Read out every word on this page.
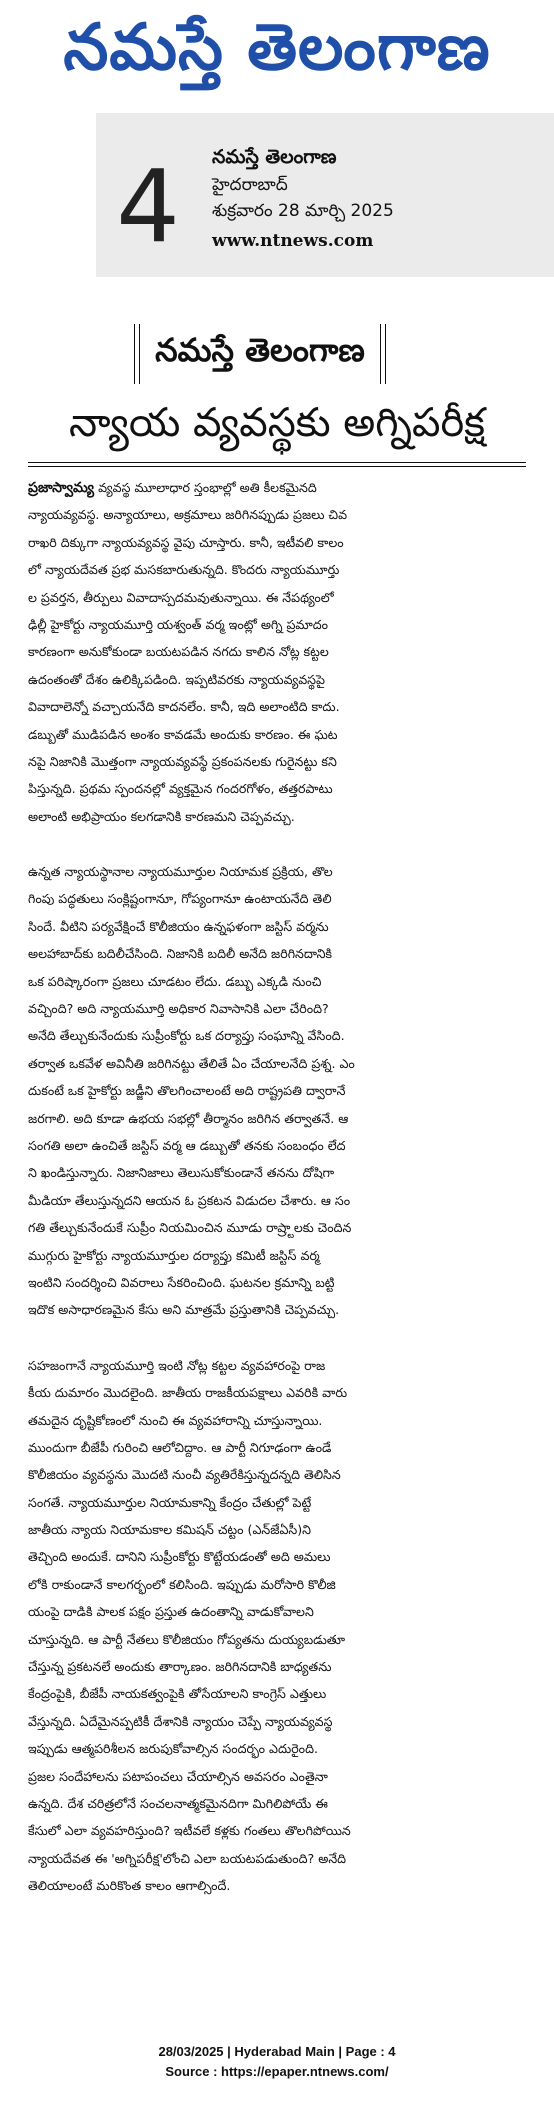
నమస్తే తెలంగాణ
4	నమస్తే తెలంగాణ
హైదరాబాద్
శుక్రవారం 28 మార్చి 2025
www.ntnews.com
నమస్తే తెలంగాణ
న్యాయ వ్యవస్థకు అగ్నిపరీక్ష

ప్రజాస్వామ్య వ్యవస్థ మూలాధార స్తంభాల్లో అతి కీలకమైనది

న్యాయవ్యవస్థ. అన్యాయాలు, అక్రమాలు జరిగినప్పుడు ప్రజలు చివ

రాఖరి దిక్కుగా న్యాయవ్యవస్థ వైపు చూస్తారు. కానీ, ఇటీవలి కాలం

లో న్యాయదేవత ప్రభ మసకబారుతున్నది. కొందరు న్యాయమూర్తు

ల ప్రవర్తన, తీర్పులు వివాదాస్పదమవుతున్నాయి. ఈ నేపథ్యంలో

ఢిల్లీ హైకోర్టు న్యాయమూర్తి యశ్వంత్ వర్మ ఇంట్లో అగ్ని ప్రమాదం

కారణంగా అనుకోకుండా బయటపడిన నగదు కాలిన నోట్ల కట్టల

ఉదంతంతో దేశం ఉలిక్కిపడింది. ఇప్పటివరకు న్యాయవ్యవస్థపై

వివాదాలెన్నో వచ్చాయనేది కాదనలేం. కానీ, ఇది అలాంటిది కాదు.

డబ్బుతో ముడిపడిన అంశం కావడమే అందుకు కారణం. ఈ ఘట

నపై నిజానికి మొత్తంగా న్యాయవ్యవస్థే ప్రకంపనలకు గురైనట్టు కని

పిస్తున్నది. ప్రథమ స్పందనల్లో వ్యక్తమైన గందరగోళం, తత్తరపాటు

అలాంటి అభిప్రాయం కలగడానికి కారణమని చెప్పవచ్చు.

ఉన్నత న్యాయస్థానాల న్యాయమూర్తుల నియామక ప్రక్రియ, తొల

గింపు పద్ధతులు సంక్లిష్టంగానూ, గోప్యంగానూ ఉంటాయనేది తెలి

సిందే. వీటిని పర్యవేక్షించే కొలీజియం ఉన్నఫళంగా జస్టిస్ వర్మను

అలహాబాద్‌కు బదిలీచేసింది. నిజానికి బదిలీ అనేది జరిగినదానికి

ఒక పరిష్కారంగా ప్రజలు చూడటం లేదు. డబ్బు ఎక్కడి నుంచి

వచ్చింది? అది న్యాయమూర్తి అధికార నివాసానికి ఎలా చేరింది?

అనేది తేల్చుకునేందుకు సుప్రీంకోర్టు ఒక దర్యాప్తు సంఘాన్ని వేసింది.

తర్వాత ఒకవేళ అవినీతి జరిగినట్టు తేలితే ఏం చేయాలనేది ప్రశ్న. ఎం

దుకంటే ఒక హైకోర్టు జడ్జీని తొలగించాలంటే అది రాష్ట్రపతి ద్వారానే

జరగాలి. అది కూడా ఉభయ సభల్లో తీర్మానం జరిగిన తర్వాతనే. ఆ

సంగతి అలా ఉంచితే జస్టిస్ వర్మ ఆ డబ్బుతో తనకు సంబంధం లేద

ని ఖండిస్తున్నారు. నిజానిజాలు తెలుసుకోకుండానే తనను దోషిగా

మీడియా తేలుస్తున్నదని ఆయన ఓ ప్రకటన విడుదల చేశారు. ఆ సం

గతి తేల్చుకునేందుకే సుప్రీం నియమించిన మూడు రాష్ర్టాలకు చెందిన

ముగ్గురు హైకోర్టు న్యాయమూర్తుల దర్యాప్తు కమిటీ జస్టిస్ వర్మ

ఇంటిని సందర్శించి వివరాలు సేకరించింది. ఘటనల క్రమాన్ని బట్టి

ఇదొక అసాధారణమైన కేసు అని మాత్రమే ప్రస్తుతానికి చెప్పవచ్చు.

సహజంగానే న్యాయమూర్తి ఇంటి నోట్ల కట్టల వ్యవహారంపై రాజ

కీయ దుమారం మొదలైంది. జాతీయ రాజకీయపక్షాలు ఎవరికి వారు

తమదైన దృష్టికోణంలో నుంచి ఈ వ్యవహారాన్ని చూస్తున్నాయి.

ముందుగా బీజేపీ గురించి ఆలోచిద్దాం. ఆ పార్టీ నిగూఢంగా ఉండే

కొలీజియం వ్యవస్థను మొదటి నుంచీ వ్యతిరేకిస్తున్నదన్నది తెలిసిన

సంగతే. న్యాయమూర్తుల నియామకాన్ని కేంద్రం చేతుల్లో పెట్టే

జాతీయ న్యాయ నియామకాల కమిషన్ చట్టం (ఎన్‌జేఏసీ)ని

తెచ్చింది అందుకే. దానిని సుప్రీంకోర్టు కొట్టేయడంతో అది అమలు

లోకి రాకుండానే కాలగర్భంలో కలిసింది. ఇప్పుడు మరోసారి కొలీజి

యంపై దాడికి పాలక పక్షం ప్రస్తుత ఉదంతాన్ని వాడుకోవాలని

చూస్తున్నది. ఆ పార్టీ నేతలు కొలీజియం గోప్యతను దుయ్యబడుతూ

చేస్తున్న ప్రకటనలే అందుకు తార్కాణం. జరిగినదానికి బాధ్యతను

కేంద్రంపైకి, బీజేపీ నాయకత్వంపైకి తోసేయాలని కాంగ్రెస్ ఎత్తులు

వేస్తున్నది. ఏదేమైనప్పటికీ దేశానికి న్యాయం చెప్పే న్యాయవ్యవస్థ

ఇప్పుడు ఆత్మపరిశీలన జరుపుకోవాల్సిన సందర్భం ఎదురైంది.

ప్రజల సందేహాలను పటాపంచలు చేయాల్సిన అవసరం ఎంతైనా

ఉన్నది. దేశ చరిత్రలోనే సంచలనాత్మకమైనదిగా మిగిలిపోయే ఈ

కేసులో ఎలా వ్యవహరిస్తుంది? ఇటీవలే కళ్లకు గంతలు తొలగిపోయిన

న్యాయదేవత ఈ 'అగ్నిపరీక్ష'లోంచి ఎలా బయటపడుతుంది? అనేది

తెలియాలంటే మరికొంత కాలం ఆగాల్సిందే.

28/03/2025 | Hyderabad Main | Page : 4
Source : https://epaper.ntnews.com/
